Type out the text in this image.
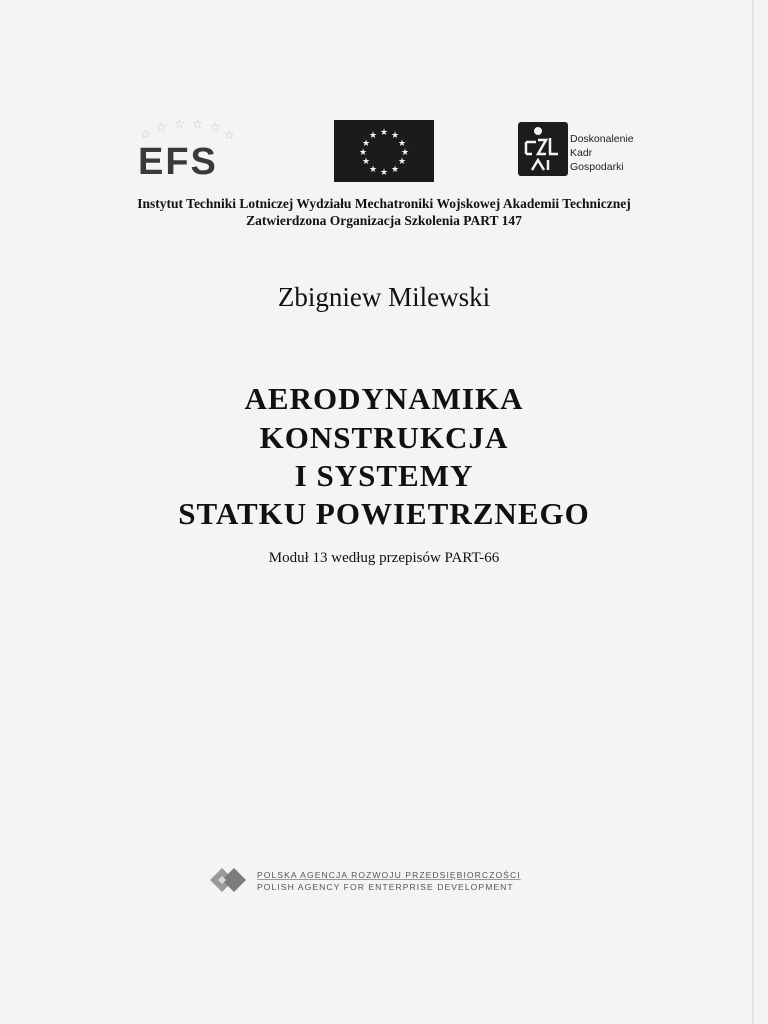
☆ ☆ ☆ ☆ ☆
☆
EFS
★ ★
★
★
★
★
★
★
★
★
★
★	Doskonalenie
Kadr
Gospodarki
Instytut Techniki Lotniczej Wydziału Mechatroniki Wojskowej Akademii Technicznej
Zatwierdzona Organizacja Szkolenia PART 147
Zbigniew Milewski
AERODYNAMIKA
KONSTRUKCJA
I SYSTEMY
STATKU POWIETRZNEGO
Moduł 13 według przepisów PART-66
POLSKA AGENCJA ROZWOJU PRZEDSIĘBIORCZOŚCI
POLISH AGENCY FOR ENTERPRISE DEVELOPMENT
